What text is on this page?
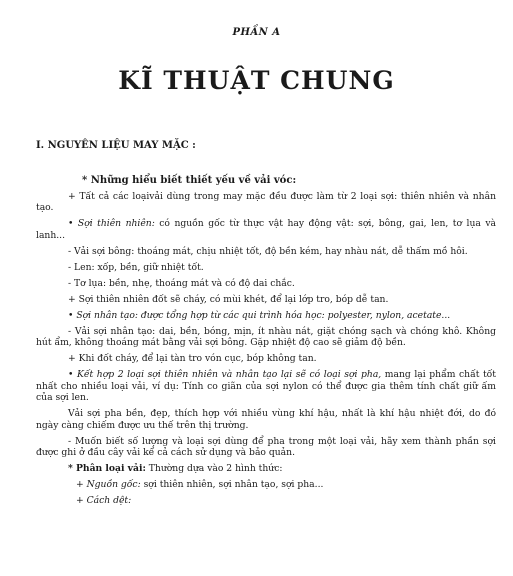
PHẦN A
KĨ THUẬT CHUNG
I. NGUYÊN LIỆU MAY MẶC :

* Những hiểu biết thiết yếu về vải vóc:

+ Tất cả các loạivải dùng trong may mặc đều được làm từ 2 loại sợi: thiên nhiên và nhân tạo.

• Sợi thiên nhiên: có nguồn gốc từ thực vật hay động vật: sợi, bông, gai, len, tơ lụa và lanh...

- Vải sợi bông: thoáng mát, chịu nhiệt tốt, độ bền kém, hay nhàu nát, dễ thấm mồ hôi.

- Len: xốp, bền, giữ nhiệt tốt.

- Tơ lụa: bền, nhẹ, thoáng mát và có độ dai chắc.

+ Sợi thiên nhiên đốt sẽ cháy, có mùi khét, để lại lớp tro, bóp dễ tan.

• Sợi nhân tạo: được tổng hợp từ các qui trình hóa học: polyester, nylon, acetate...

- Vải sợi nhân tạo: dai, bền, bóng, mịn, ít nhàu nát, giặt chóng sạch và chóng khô. Không hút ẩm, không thoáng mát bằng vải sợi bông. Gặp nhiệt độ cao sẽ giảm độ bền.

+ Khi đốt cháy, để lại tàn tro vón cục, bóp không tan.

• Kết hợp 2 loại sợi thiên nhiên và nhân tạo lại sẽ có loại sợi pha, mang lại phẩm chất tốt nhất cho nhiều loại vải, ví dụ: Tính co giãn của sợi nylon có thể được gia thêm tính chất giữ ấm của sợi len.

Vải sợi pha bền, đẹp, thích hợp với nhiều vùng khí hậu, nhất là khí hậu nhiệt đới, do đó ngày càng chiếm được ưu thế trên thị trường.

- Muốn biết số lượng và loại sợi dùng để pha trong một loại vải, hãy xem thành phần sợi được ghi ở đầu cây vải kể cả cách sử dụng và bảo quản.

* Phân loại vải: Thường dựa vào 2 hình thức:

+ Nguồn gốc: sợi thiên nhiên, sợi nhân tạo, sợi pha...

+ Cách dệt:
